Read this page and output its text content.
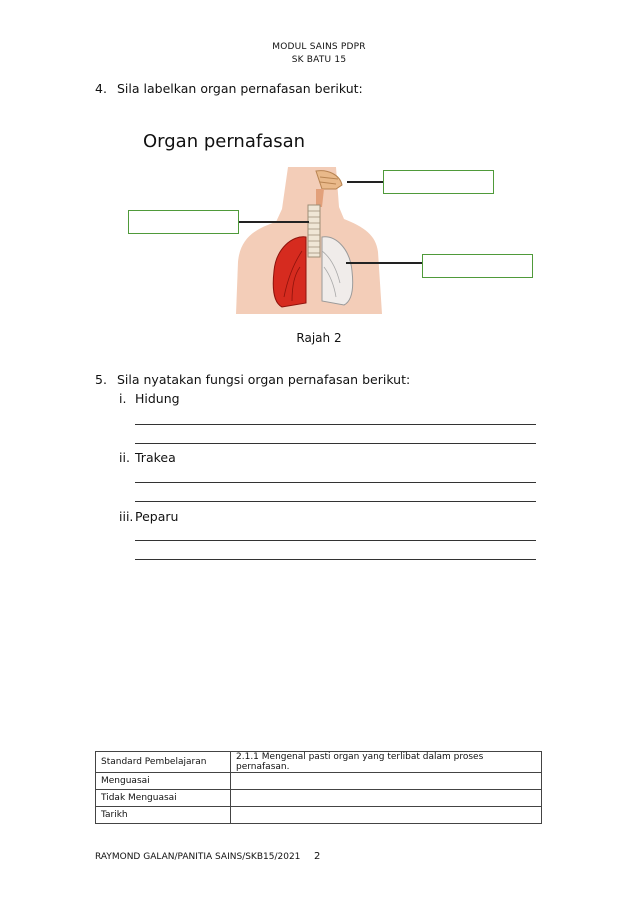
MODUL SAINS PDPR
SK BATU 15
4. Sila labelkan organ pernafasan berikut:
Organ pernafasan
Rajah 2
5. Sila nyatakan fungsi organ pernafasan berikut:
i. Hidung
ii. Trakea
iii. Peparu
Standard Pembelajaran	2.1.1 Mengenal pasti organ yang terlibat dalam proses pernafasan.
Menguasai	
Tidak Menguasai	
Tarikh	
RAYMOND GALAN/PANITIA SAINS/SKB15/2021 2
